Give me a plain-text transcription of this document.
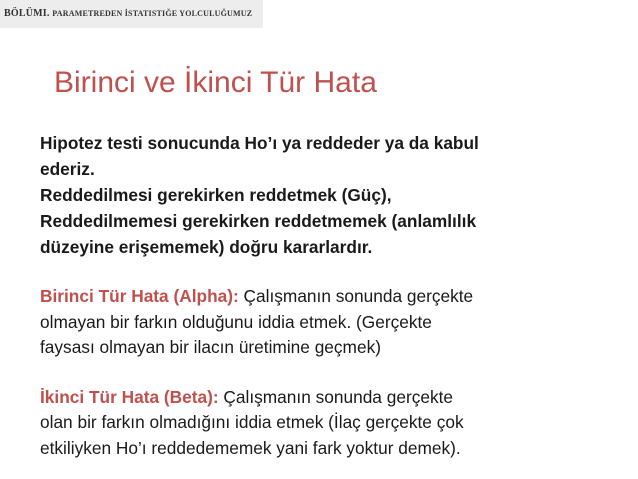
BÖLÜMI. PARAMETREDEN İSTATISTIĞE YOLCULUĞUMUZ
Birinci ve İkinci Tür Hata

Hipotez testi sonucunda Ho’ı ya reddeder ya da kabul
ederiz.
Reddedilmesi gerekirken reddetmek (Güç),
Reddedilmemesi gerekirken reddetmemek (anlamlılık
düzeyine erişememek) doğru kararlardır.

Birinci Tür Hata (Alpha): Çalışmanın sonunda gerçekte
olmayan bir farkın olduğunu iddia etmek. (Gerçekte
faysası olmayan bir ilacın üretimine geçmek)

İkinci Tür Hata (Beta): Çalışmanın sonunda gerçekte
olan bir farkın olmadığını iddia etmek (İlaç gerçekte çok
etkiliyken Ho’ı reddedememek yani fark yoktur demek).
